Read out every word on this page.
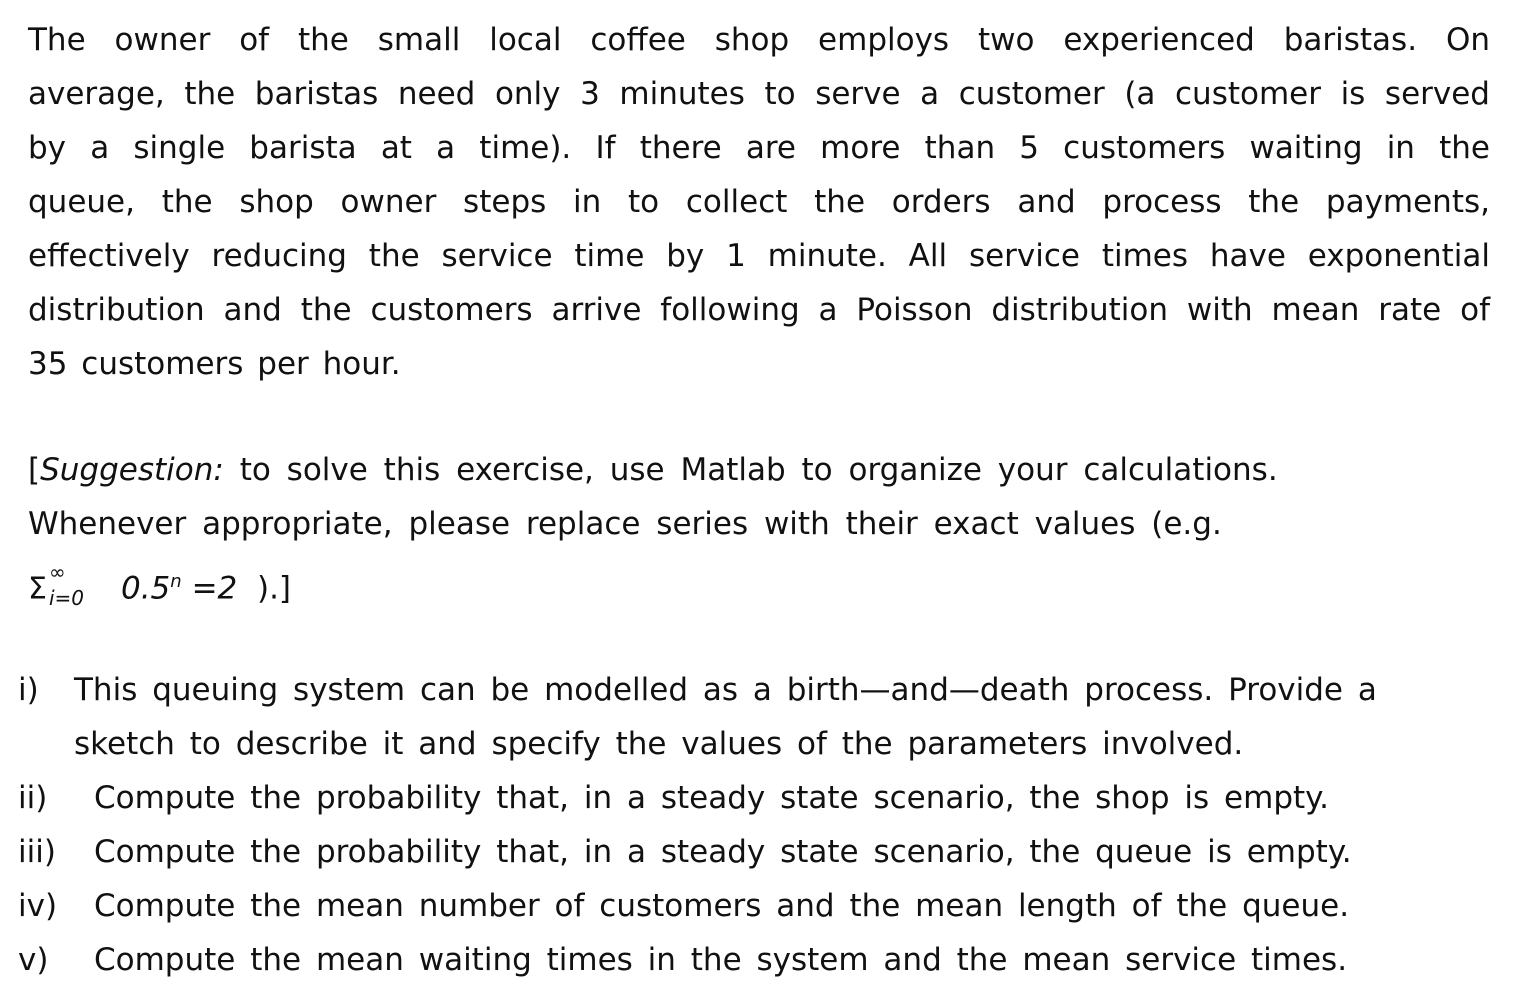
The owner of the small local coffee shop employs two experienced baristas. On
average, the baristas need only 3 minutes to serve a customer (a customer is served
by a single barista at a time). If there are more than 5 customers waiting in the
queue, the shop owner steps in to collect the orders and process the payments,
effectively reducing the service time by 1 minute. All service times have exponential
distribution and the customers arrive following a Poisson distribution with mean rate of
35 customers per hour.
[Suggestion: to solve this exercise, use Matlab to organize your calculations.
Whenever appropriate, please replace series with their exact values (e.g.
Σ ∞
i=0 $0.5^n =2$ ).]
i)	This queuing system can be modelled as a birth—and—death process. Provide a
sketch to describe it and specify the values of the parameters involved.
ii)	Compute the probability that, in a steady state scenario, the shop is empty.
iii)	Compute the probability that, in a steady state scenario, the queue is empty.
iv)	Compute the mean number of customers and the mean length of the queue.
v)	Compute the mean waiting times in the system and the mean service times.
